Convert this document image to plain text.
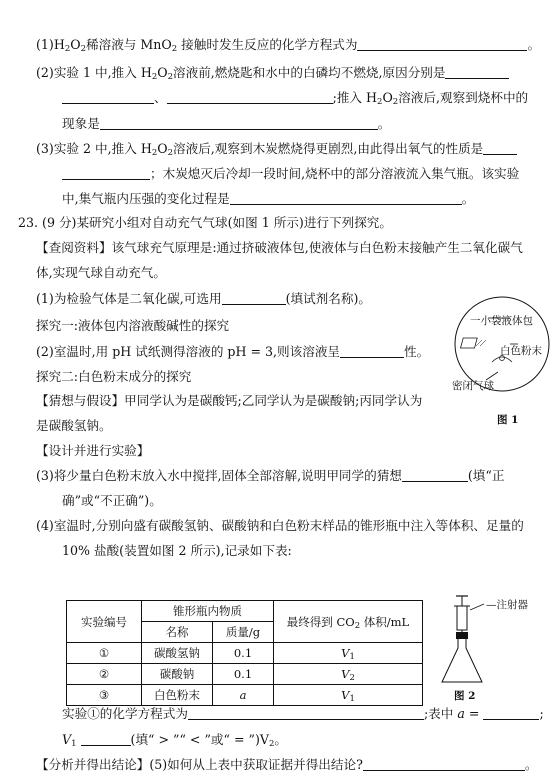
$(1)H_2O_2$稀溶液与 MnO$_2$ 接触时发生反应的化学方程式为	。
(2)实验 1 中,推入 $H_2O_2$溶液前,燃烧匙和水中的白磷均不燃烧,原因分别是
、	;推入 $H_2O_2$溶液后,观察到烧杯中的
现象是	。
(3)实验 2 中,推入 $H_2O_2$溶液后,观察到木炭燃烧得更剧烈,由此得出氧气的性质是
；木炭熄灭后冷却一段时间,烧杯中的部分溶液流入集气瓶。该实验
中,集气瓶内压强的变化过程是	。
23. (9 分)某研究小组对自动充气气球(如图 1 所示)进行下列探究。
【查阅资料】该气球充气原理是:通过挤破液体包,使液体与白色粉末接触产生二氧化碳气
体,实现气球自动充气。
(1)为检验气体是二氧化碳,可选用	(填试剂名称)。
探究一:液体包内溶液酸碱性的探究
(2)室温时,用 pH 试纸测得溶液的 pH = 3,则该溶液呈	性。
探究二:白色粉末成分的探究
【猜想与假设】甲同学认为是碳酸钙;乙同学认为是碳酸钠;丙同学认为
是碳酸氢钠。
【设计并进行实验】
(3)将少量白色粉末放入水中搅拌,固体全部溶解,说明甲同学的猜想	(填“正
确”或“不正确”)。
(4)室温时,分别向盛有碳酸氢钠、碳酸钠和白色粉末样品的锥形瓶中注入等体积、足量的
10% 盐酸(装置如图 2 所示),记录如下表:
实验编号	锥形瓶内物质		最终得到 $CO_2$ 体积/mL
	名称	质量/g	
①	碳酸氢钠	0.1	$V_1$
②	碳酸钠	0.1	$V_2$
③	白色粉末	a	$V_1$
实验①的化学方程式为	;表中 a =	;
$V_1$	(填“ > ”“ < ”或“ = $”)V_2$。
【分析并得出结论】(5)如何从上表中获取证据并得出结论?	。
一小袋液体包
白色粉末
密闭气球
图 1
—注射器
图 2
